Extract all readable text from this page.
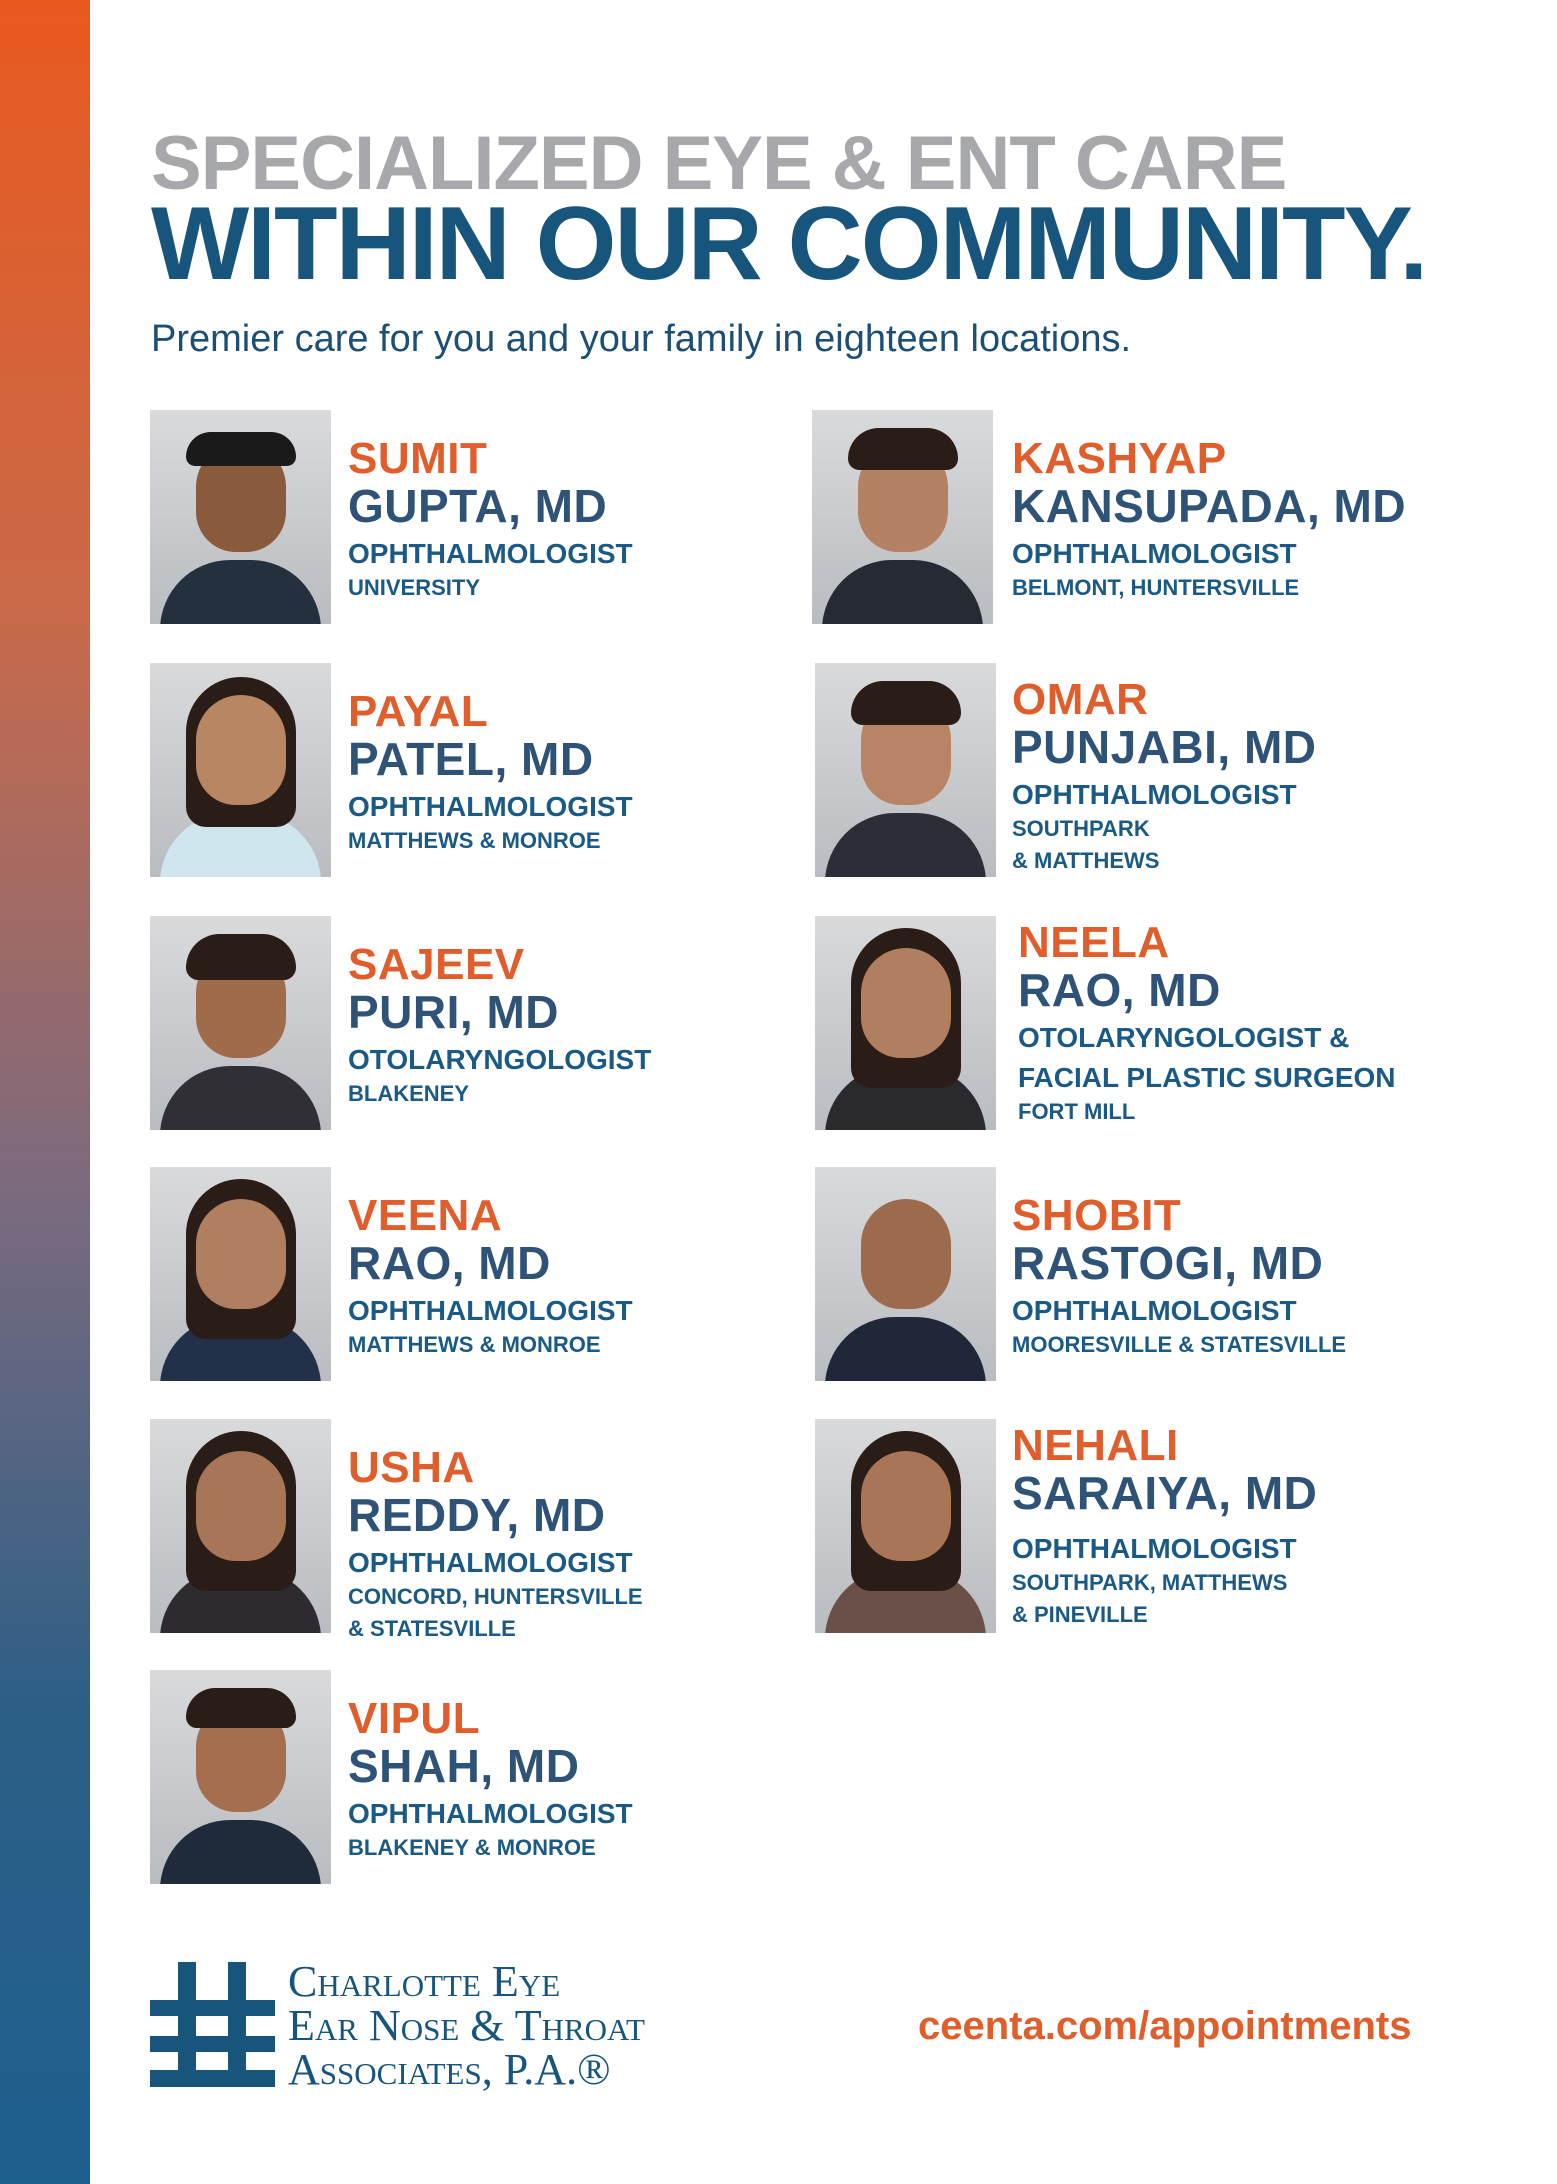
SPECIALIZED EYE & ENT CARE
WITHIN OUR COMMUNITY.

Premier care for you and your family in eighteen locations.

SUMIT
GUPTA, MD
OPHTHALMOLOGIST
UNIVERSITY
PAYAL
PATEL, MD
OPHTHALMOLOGIST
MATTHEWS & MONROE
SAJEEV
PURI, MD
OTOLARYNGOLOGIST
BLAKENEY
VEENA
RAO, MD
OPHTHALMOLOGIST
MATTHEWS & MONROE
USHA
REDDY, MD
OPHTHALMOLOGIST
CONCORD, HUNTERSVILLE
& STATESVILLE
VIPUL
SHAH, MD
OPHTHALMOLOGIST
BLAKENEY & MONROE
KASHYAP
KANSUPADA, MD
OPHTHALMOLOGIST
BELMONT, HUNTERSVILLE
OMAR
PUNJABI, MD
OPHTHALMOLOGIST
SOUTHPARK
& MATTHEWS
NEELA
RAO, MD
OTOLARYNGOLOGIST &
FACIAL PLASTIC SURGEON
FORT MILL
SHOBIT
RASTOGI, MD
OPHTHALMOLOGIST
MOORESVILLE & STATESVILLE
NEHALI
SARAIYA, MD
OPHTHALMOLOGIST
SOUTHPARK, MATTHEWS
& PINEVILLE
Charlotte Eye
Ear Nose & Throat
Associates, P.A.®

ceenta.com/appointments
